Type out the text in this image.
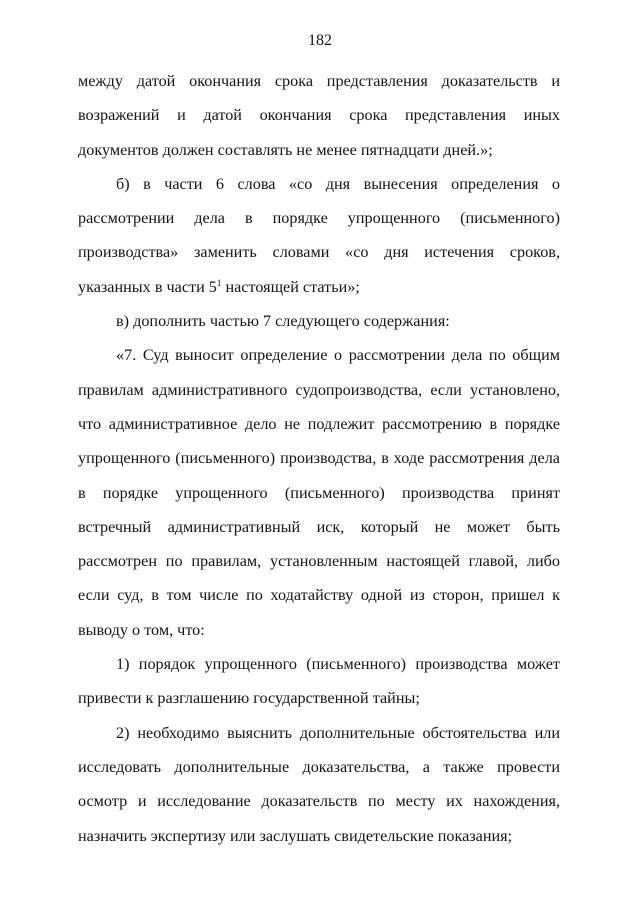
182

между датой окончания срока представления доказательств и возражений и датой окончания срока представления иных документов должен составлять не менее пятнадцати дней.»;

б) в части 6 слова «со дня вынесения определения о рассмотрении дела в порядке упрощенного (письменного) производства» заменить словами «со дня истечения сроков, указанных в части $5^1$ настоящей статьи»;

в) дополнить частью 7 следующего содержания:

«7. Суд выносит определение о рассмотрении дела по общим правилам административного судопроизводства, если установлено, что административное дело не подлежит рассмотрению в порядке упрощенного (письменного) производства, в ходе рассмотрения дела в порядке упрощенного (письменного) производства принят встречный административный иск, который не может быть рассмотрен по правилам, установленным настоящей главой, либо если суд, в том числе по ходатайству одной из сторон, пришел к выводу о том, что:

1) порядок упрощенного (письменного) производства может привести к разглашению государственной тайны;

2) необходимо выяснить дополнительные обстоятельства или исследовать дополнительные доказательства, а также провести осмотр и исследование доказательств по месту их нахождения, назначить экспертизу или заслушать свидетельские показания;
